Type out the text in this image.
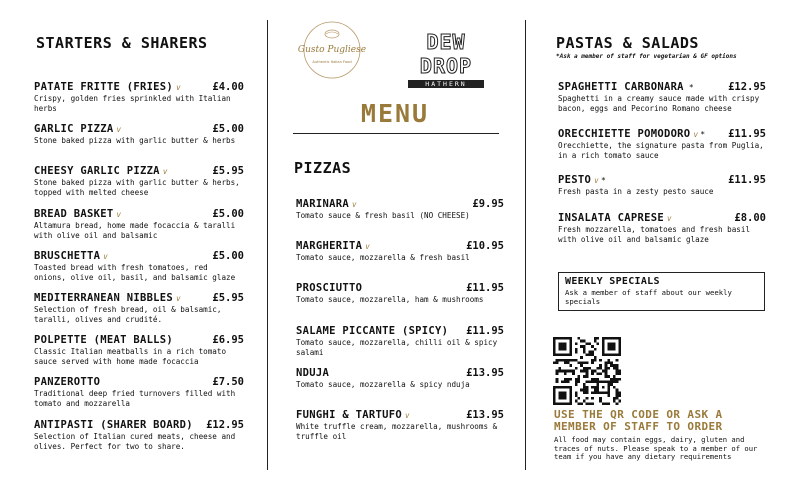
STARTERS & SHARERS
PATATE FRITTE (FRIES) v	£4.00
Crispy, golden fries sprinkled with Italian herbs
GARLIC PIZZA v	£5.00
Stone baked pizza with garlic butter & herbs
CHEESY GARLIC PIZZA v	£5.95
Stone baked pizza with garlic butter & herbs, topped with melted cheese
BREAD BASKET v	£5.00
Altamura bread, home made focaccia & taralli with olive oil and balsamic
BRUSCHETTA v	£5.00
Toasted bread with fresh tomatoes, red onions, olive oil, basil, and balsamic glaze
MEDITERRANEAN NIBBLES v	£5.95
Selection of fresh bread, oil & balsamic, taralli, olives and crudité.
POLPETTE (MEAT BALLS)	£6.95
Classic Italian meatballs in a rich tomato sauce served with home made focaccia
PANZEROTTO	£7.50
Traditional deep fried turnovers filled with tomato and mozzarella
ANTIPASTI (SHARER BOARD) £12.95
Selection of Italian cured meats, cheese and olives. Perfect for two to share.
Gusto Pugliese
Authentic Italian Food
DEW DROP
HATHERN
MENU
PIZZAS
MARINARA v	£9.95
Tomato sauce & fresh basil (NO CHEESE)
MARGHERITA v	£10.95
Tomato sauce, mozzarella & fresh basil
PROSCIUTTO	£11.95
Tomato sauce, mozzarella, ham & mushrooms
SALAME PICCANTE (SPICY) £11.95
Tomato sauce, mozzarella, chilli oil & spicy salami
NDUJA	£13.95
Tomato sauce, mozzarella & spicy nduja
FUNGHI & TARTUFO v	£13.95
White truffle cream, mozzarella, mushrooms & truffle oil
PASTAS & SALADS
*Ask a member of staff for vegetarian & GF options
SPAGHETTI CARBONARA *	£12.95
Spaghetti in a creamy sauce made with crispy bacon, eggs and Pecorino Romano cheese
ORECCHIETTE POMODORO v * £11.95
Orecchiette, the signature pasta from Puglia, in a rich tomato sauce
PESTO v *	£11.95
Fresh pasta in a zesty pesto sauce
INSALATA CAPRESE v	£8.00
Fresh mozzarella, tomatoes and fresh basil with olive oil and balsamic glaze
WEEKLY SPECIALS
Ask a member of staff about our weekly specials
USE THE QR CODE OR ASK A MEMBER OF STAFF TO ORDER
All food may contain eggs, dairy, gluten and traces of nuts. Please speak to a member of our team if you have any dietary requirements
